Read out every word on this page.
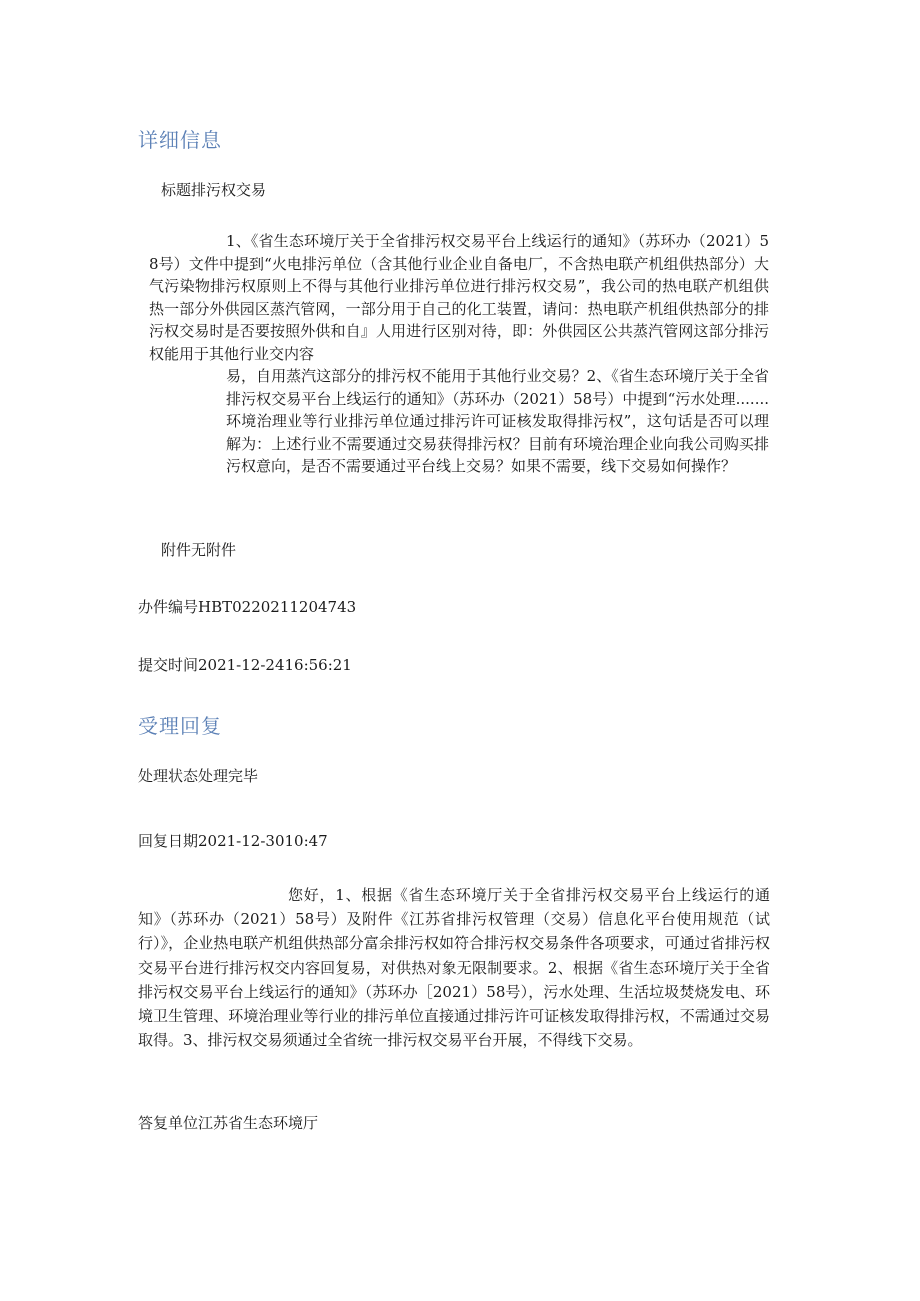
详细信息

标题排污权交易

1、《省生态环境厅关于全省排污权交易平台上线运行的通知》（苏环办（2021）58号）文件中提到“火电排污单位（含其他行业企业自备电厂，不含热电联产机组供热部分）大气污染物排污权原则上不得与其他行业排污单位进行排污权交易”，我公司的热电联产机组供热一部分外供园区蒸汽管网，一部分用于自己的化工装置，请问：热电联产机组供热部分的排污权交易时是否要按照外供和自』人用进行区别对待，即：外供园区公共蒸汽管网这部分排污权能用于其他行业交内容

易，自用蒸汽这部分的排污权不能用于其他行业交易？2、《省生态环境厅关于全省排污权交易平台上线运行的通知》（苏环办（2021）58号）中提到“污水处理.......环境治理业等行业排污单位通过排污许可证核发取得排污权”，这句话是否可以理解为：上述行业不需要通过交易获得排污权？目前有环境治理企业向我公司购买排污权意向，是否不需要通过平台线上交易？如果不需要，线下交易如何操作？

附件无附件

办件编号HBT0220211204743

提交时间2021-12-2416:56:21

受理回复

处理状态处理完毕

回复日期2021-12-3010:47

您好，1、根据《省生态环境厅关于全省排污权交易平台上线运行的通知》（苏环办（2021）58号）及附件《江苏省排污权管理（交易）信息化平台使用规范（试行）》，企业热电联产机组供热部分富余排污权如符合排污权交易条件各项要求，可通过省排污权交易平台进行排污权交内容回复易，对供热对象无限制要求。2、根据《省生态环境厅关于全省排污权交易平台上线运行的通知》（苏环办［2021）58号），污水处理、生活垃圾焚烧发电、环境卫生管理、环境治理业等行业的排污单位直接通过排污许可证核发取得排污权，不需通过交易取得。3、排污权交易须通过全省统一排污权交易平台开展，不得线下交易。

答复单位江苏省生态环境厅
